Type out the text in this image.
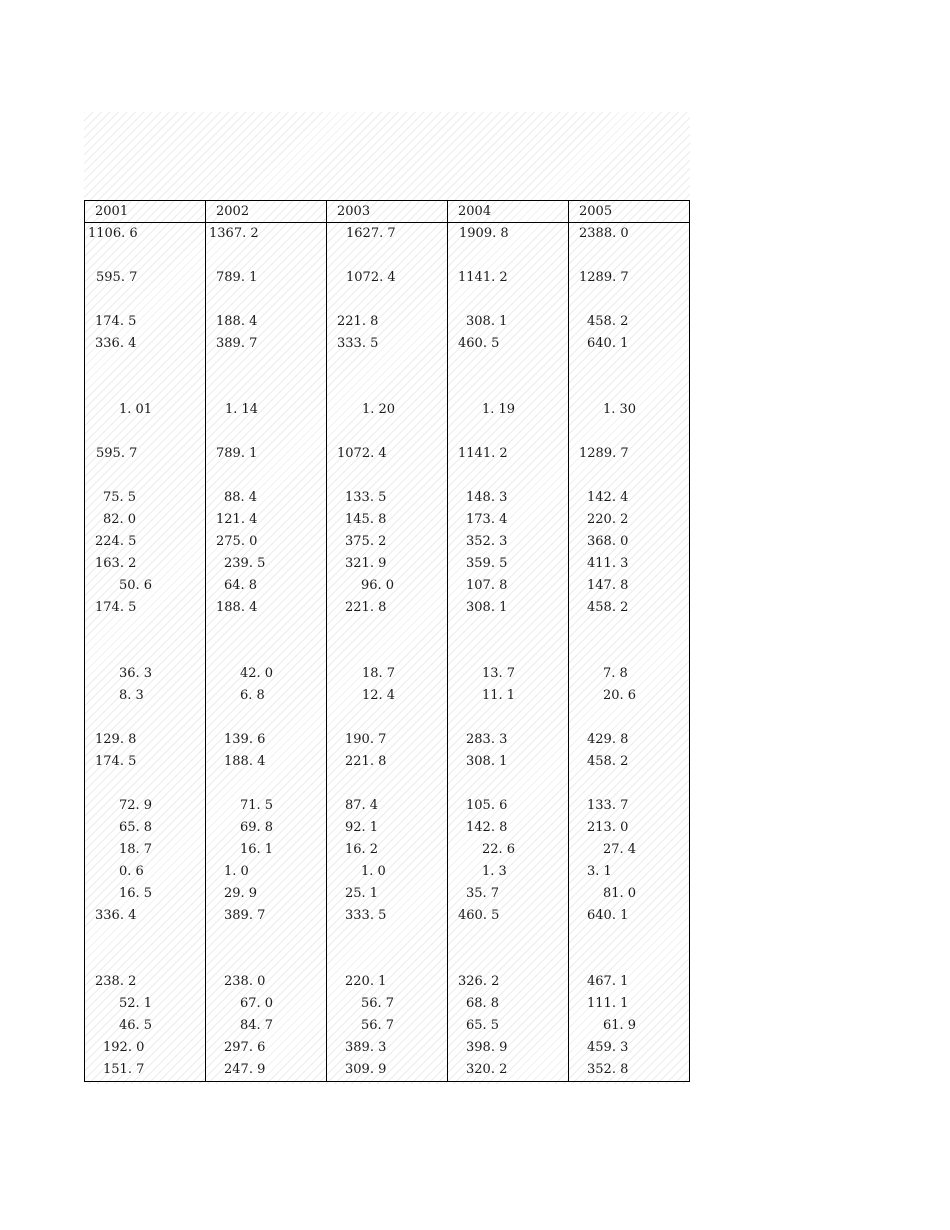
2001	2002	2003	2004	2005
1106. 6	1367. 2	1627. 7	1909. 8	2388. 0

595. 7	789. 1	1072. 4	1141. 2	1289. 7

174. 5	188. 4	221. 8	308. 1	458. 2
336. 4	389. 7	333. 5	460. 5	640. 1

1. 01	1. 14	1. 20	1. 19	1. 30

595. 7	789. 1	1072. 4	1141. 2	1289. 7

75. 5	88. 4	133. 5	148. 3	142. 4
82. 0	121. 4	145. 8	173. 4	220. 2
224. 5	275. 0	375. 2	352. 3	368. 0
163. 2	239. 5	321. 9	359. 5	411. 3
50. 6	64. 8	96. 0	107. 8	147. 8
174. 5	188. 4	221. 8	308. 1	458. 2

36. 3	42. 0	18. 7	13. 7	7. 8
8. 3	6. 8	12. 4	11. 1	20. 6

129. 8	139. 6	190. 7	283. 3	429. 8
174. 5	188. 4	221. 8	308. 1	458. 2

72. 9	71. 5	87. 4	105. 6	133. 7
65. 8	69. 8	92. 1	142. 8	213. 0
18. 7	16. 1	16. 2	22. 6	27. 4
0. 6	1. 0	1. 0	1. 3	3. 1
16. 5	29. 9	25. 1	35. 7	81. 0
336. 4	389. 7	333. 5	460. 5	640. 1

238. 2	238. 0	220. 1	326. 2	467. 1
52. 1	67. 0	56. 7	68. 8	111. 1
46. 5	84. 7	56. 7	65. 5	61. 9
192. 0	297. 6	389. 3	398. 9	459. 3
151. 7	247. 9	309. 9	320. 2	352. 8
